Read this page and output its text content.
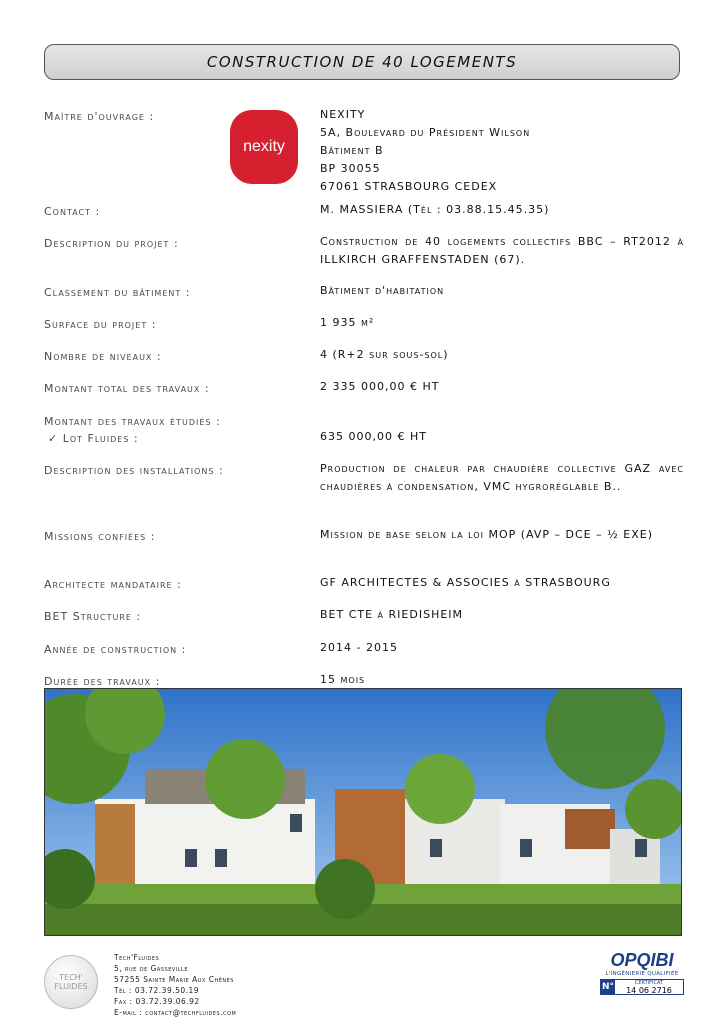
CONSTRUCTION DE 40 LOGEMENTS
Maître d'ouvrage :
nexity
NEXITY
5A, Boulevard du Président Wilson
Bâtiment B
BP 30055
67061 STRASBOURG CEDEX
Contact :	M. MASSIERA (Tél : 03.88.15.45.35)
Description du projet :	Construction de 40 logements collectifs BBC – RT2012 à ILLKIRCH GRAFFENSTADEN (67).
Classement du bâtiment :	Bâtiment d'habitation
Surface du projet :	1 935 m²
Nombre de niveaux :	4 (R+2 sur sous-sol)
Montant total des travaux :	2 335 000,00 € HT
Montant des travaux étudiés :
✓ Lot Fluides :	635 000,00 € HT
Description des installations :	Production de chaleur par chaudière collective GAZ avec chaudières à condensation, VMC hygroréglable B..
Missions confiées :	Mission de base selon la loi MOP (AVP – DCE – ½ EXE)
Architecte mandataire :	GF ARCHITECTES & ASSOCIES à STRASBOURG
BET Structure :	BET CTE à RIEDISHEIM
Année de construction :	2014 - 2015
Durée des travaux :	15 mois
TECH'
FLUIDES
Tech'Fluides
5, rue de Gasseville
57255 Sainte Marie Aux Chênes
Tél : 03.72.39.50.19
Fax : 03.72.39.06.92
E-mail : contact@techfluides.com
OPQIBI
L'INGÉNIERIE QUALIFIÉE
N°	CERTIFICAT
14 06 2716
